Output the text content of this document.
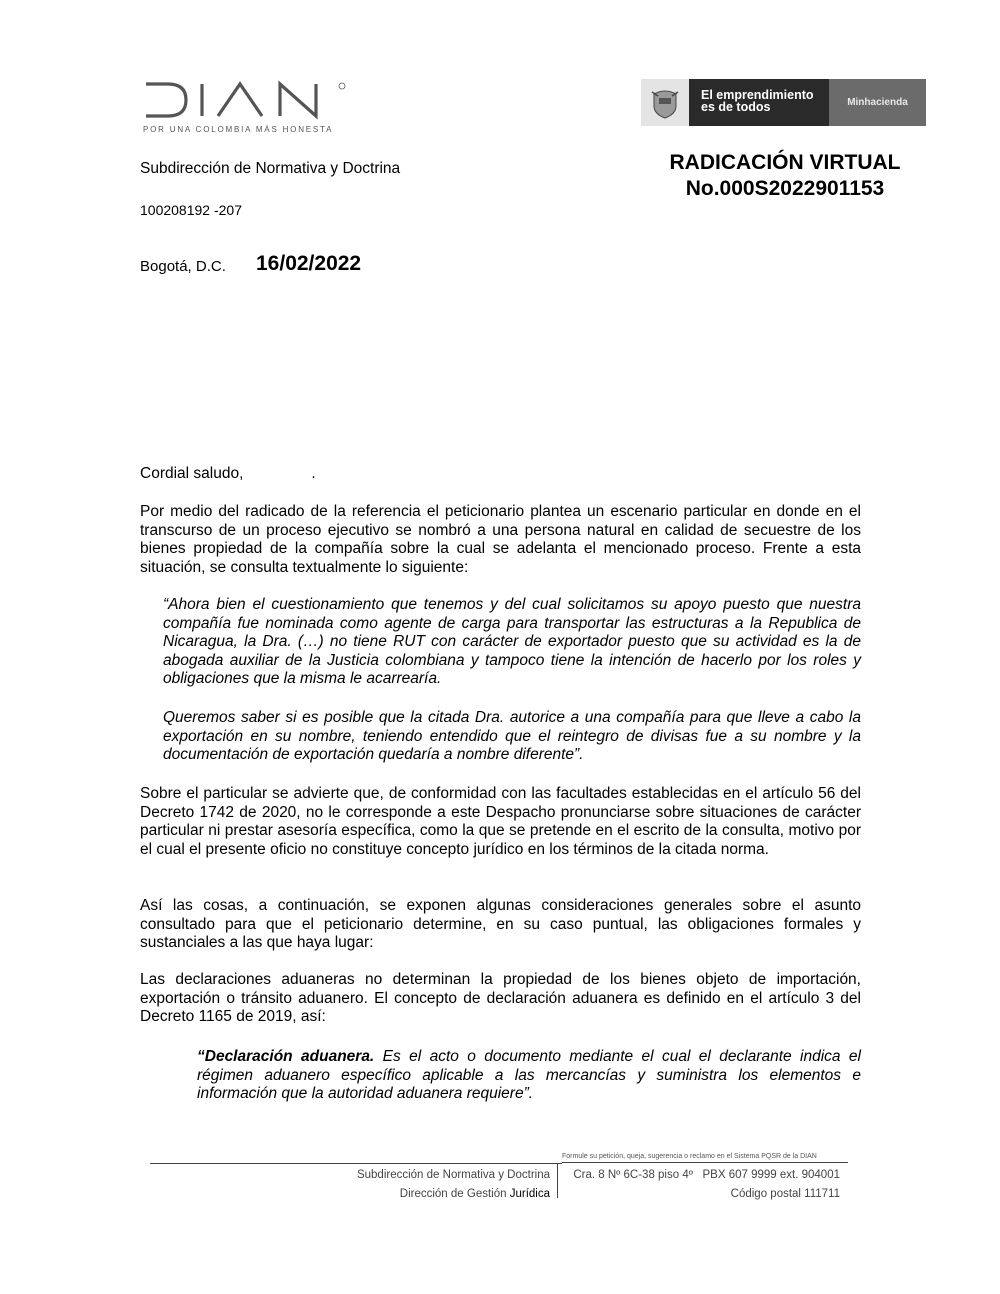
POR UNA COLOMBIA MÁS HONESTA
El emprendimiento
es de todos	Minhacienda
RADICACIÓN VIRTUAL
No.000S2022901153
Subdirección de Normativa y Doctrina
100208192 -207
Bogotá, D.C. 16/02/2022
Cordial saludo,	.

Por medio del radicado de la referencia el peticionario plantea un escenario particular en donde en el transcurso de un proceso ejecutivo se nombró a una persona natural en calidad de secuestre de los bienes propiedad de la compañía sobre la cual se adelanta el mencionado proceso. Frente a esta situación, se consulta textualmente lo siguiente:

“Ahora bien el cuestionamiento que tenemos y del cual solicitamos su apoyo puesto que nuestra compañía fue nominada como agente de carga para transportar las estructuras a la Republica de Nicaragua, la Dra. (…) no tiene RUT con carácter de exportador puesto que su actividad es la de abogada auxiliar de la Justicia colombiana y tampoco tiene la intención de hacerlo por los roles y obligaciones que la misma le acarrearía.

Queremos saber si es posible que la citada Dra. autorice a una compañía para que lleve a cabo la exportación en su nombre, teniendo entendido que el reintegro de divisas fue a su nombre y la documentación de exportación quedaría a nombre diferente”.

Sobre el particular se advierte que, de conformidad con las facultades establecidas en el artículo 56 del Decreto 1742 de 2020, no le corresponde a este Despacho pronunciarse sobre situaciones de carácter particular ni prestar asesoría específica, como la que se pretende en el escrito de la consulta, motivo por el cual el presente oficio no constituye concepto jurídico en los términos de la citada norma.

Así las cosas, a continuación, se exponen algunas consideraciones generales sobre el asunto consultado para que el peticionario determine, en su caso puntual, las obligaciones formales y sustanciales a las que haya lugar:

Las declaraciones aduaneras no determinan la propiedad de los bienes objeto de importación, exportación o tránsito aduanero. El concepto de declaración aduanera es definido en el artículo 3 del Decreto 1165 de 2019, así:

“Declaración aduanera. Es el acto o documento mediante el cual el declarante indica el régimen aduanero específico aplicable a las mercancías y suministra los elementos e información que la autoridad aduanera requiere”.

Formule su petición, queja, sugerencia o reclamo en el Sistema PQSR de la DIAN
Subdirección de Normativa y Doctrina
Dirección de Gestión Jurídica
Cra. 8 Nº 6C-38 piso 4º   PBX 607 9999 ext. 904001
Código postal 111711
